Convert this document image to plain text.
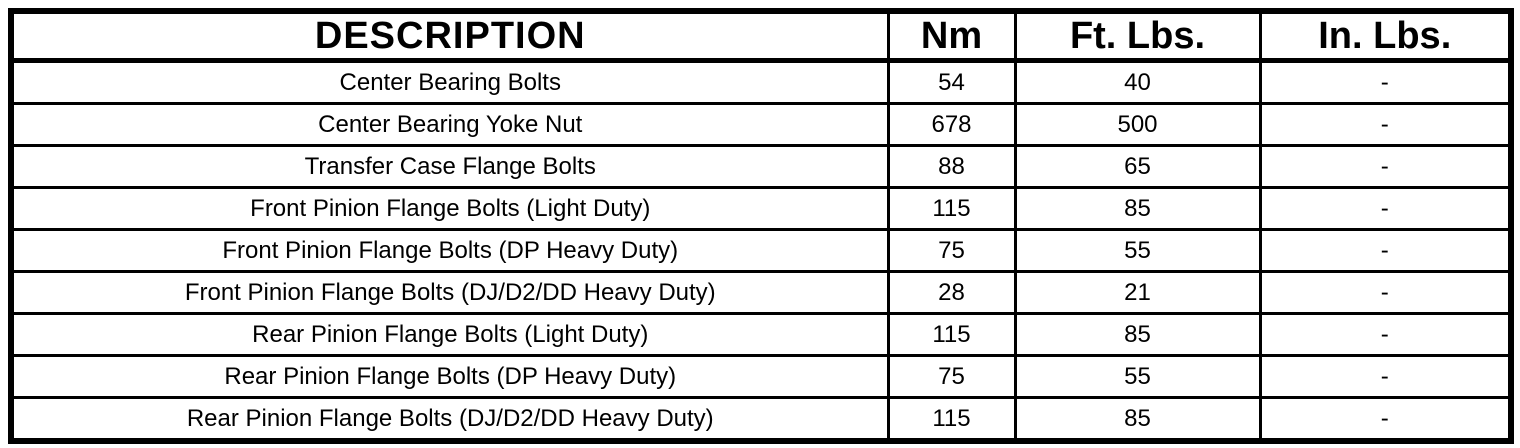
DESCRIPTION	Nm	Ft. Lbs.	In. Lbs.
Center Bearing Bolts	54	40	-
Center Bearing Yoke Nut	678	500	-
Transfer Case Flange Bolts	88	65	-
Front Pinion Flange Bolts (Light Duty)	115	85	-
Front Pinion Flange Bolts (DP Heavy Duty)	75	55	-
Front Pinion Flange Bolts (DJ/D2/DD Heavy Duty)	28	21	-
Rear Pinion Flange Bolts (Light Duty)	115	85	-
Rear Pinion Flange Bolts (DP Heavy Duty)	75	55	-
Rear Pinion Flange Bolts (DJ/D2/DD Heavy Duty)	115	85	-
